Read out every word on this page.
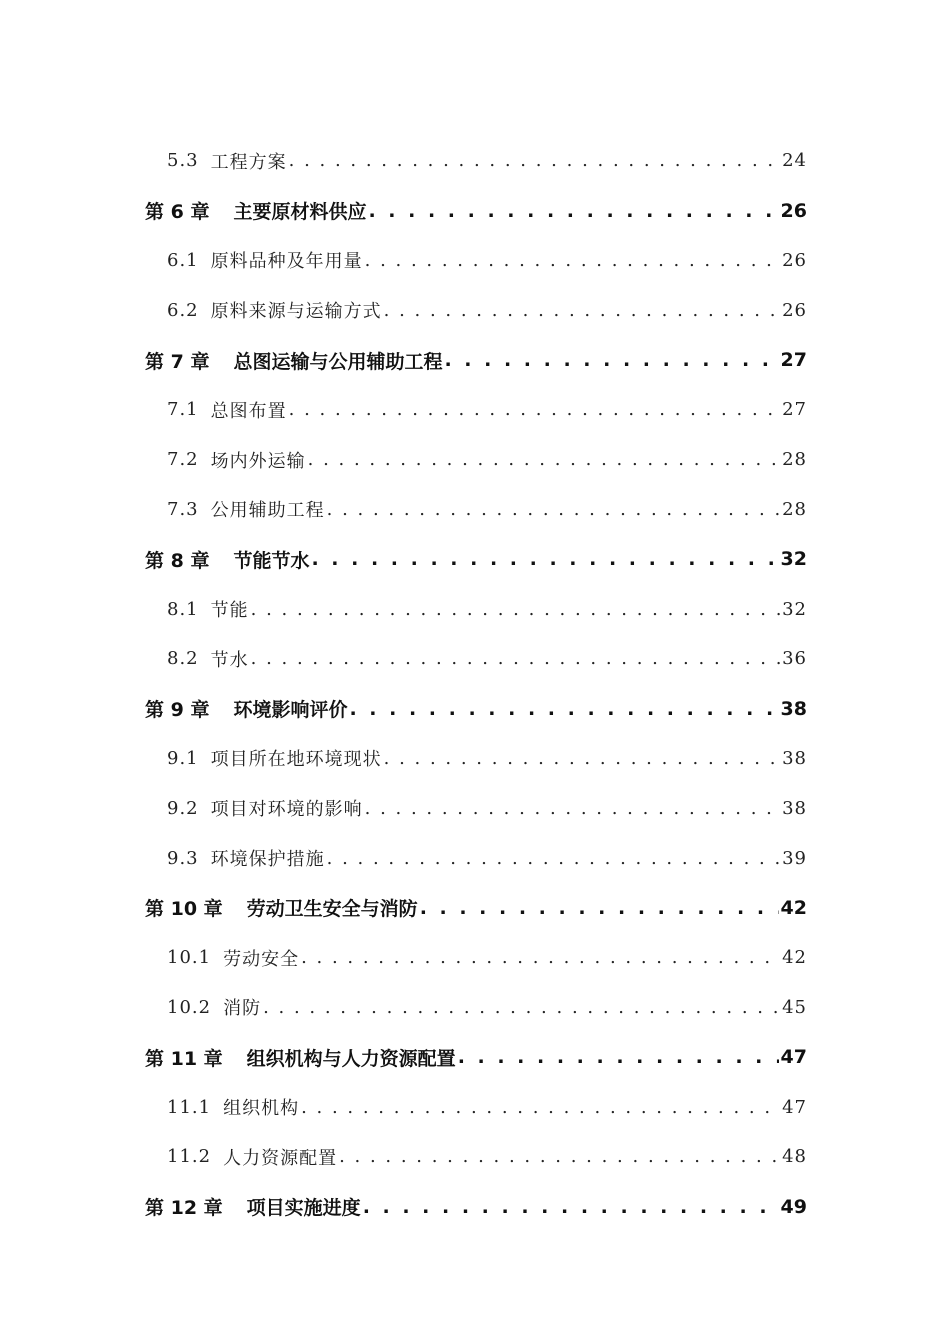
5.3 工程方案 . . .	24
第 6 章 主要原材料供应 . . .	26
6.1 原料品种及年用量 . . .	26
6.2 原料来源与运输方式 . . .	26
第 7 章 总图运输与公用辅助工程 . . .	27
7.1 总图布置 . . .	27
7.2 场内外运输 . . .	28
7.3 公用辅助工程 . . .	28
第 8 章 节能节水 . . .	32
8.1 节能 . . .	32
8.2 节水 . . .	36
第 9 章 环境影响评价 . . .	38
9.1 项目所在地环境现状 . . .	38
9.2 项目对环境的影响 . . .	38
9.3 环境保护措施 . . .	39
第 10 章 劳动卫生安全与消防 . . .	42
10.1 劳动安全 . . .	42
10.2 消防 . . .	45
第 11 章 组织机构与人力资源配置 . . .	47
11.1 组织机构 . . .	47
11.2 人力资源配置 . . .	48
第 12 章 项目实施进度 . . .	49
